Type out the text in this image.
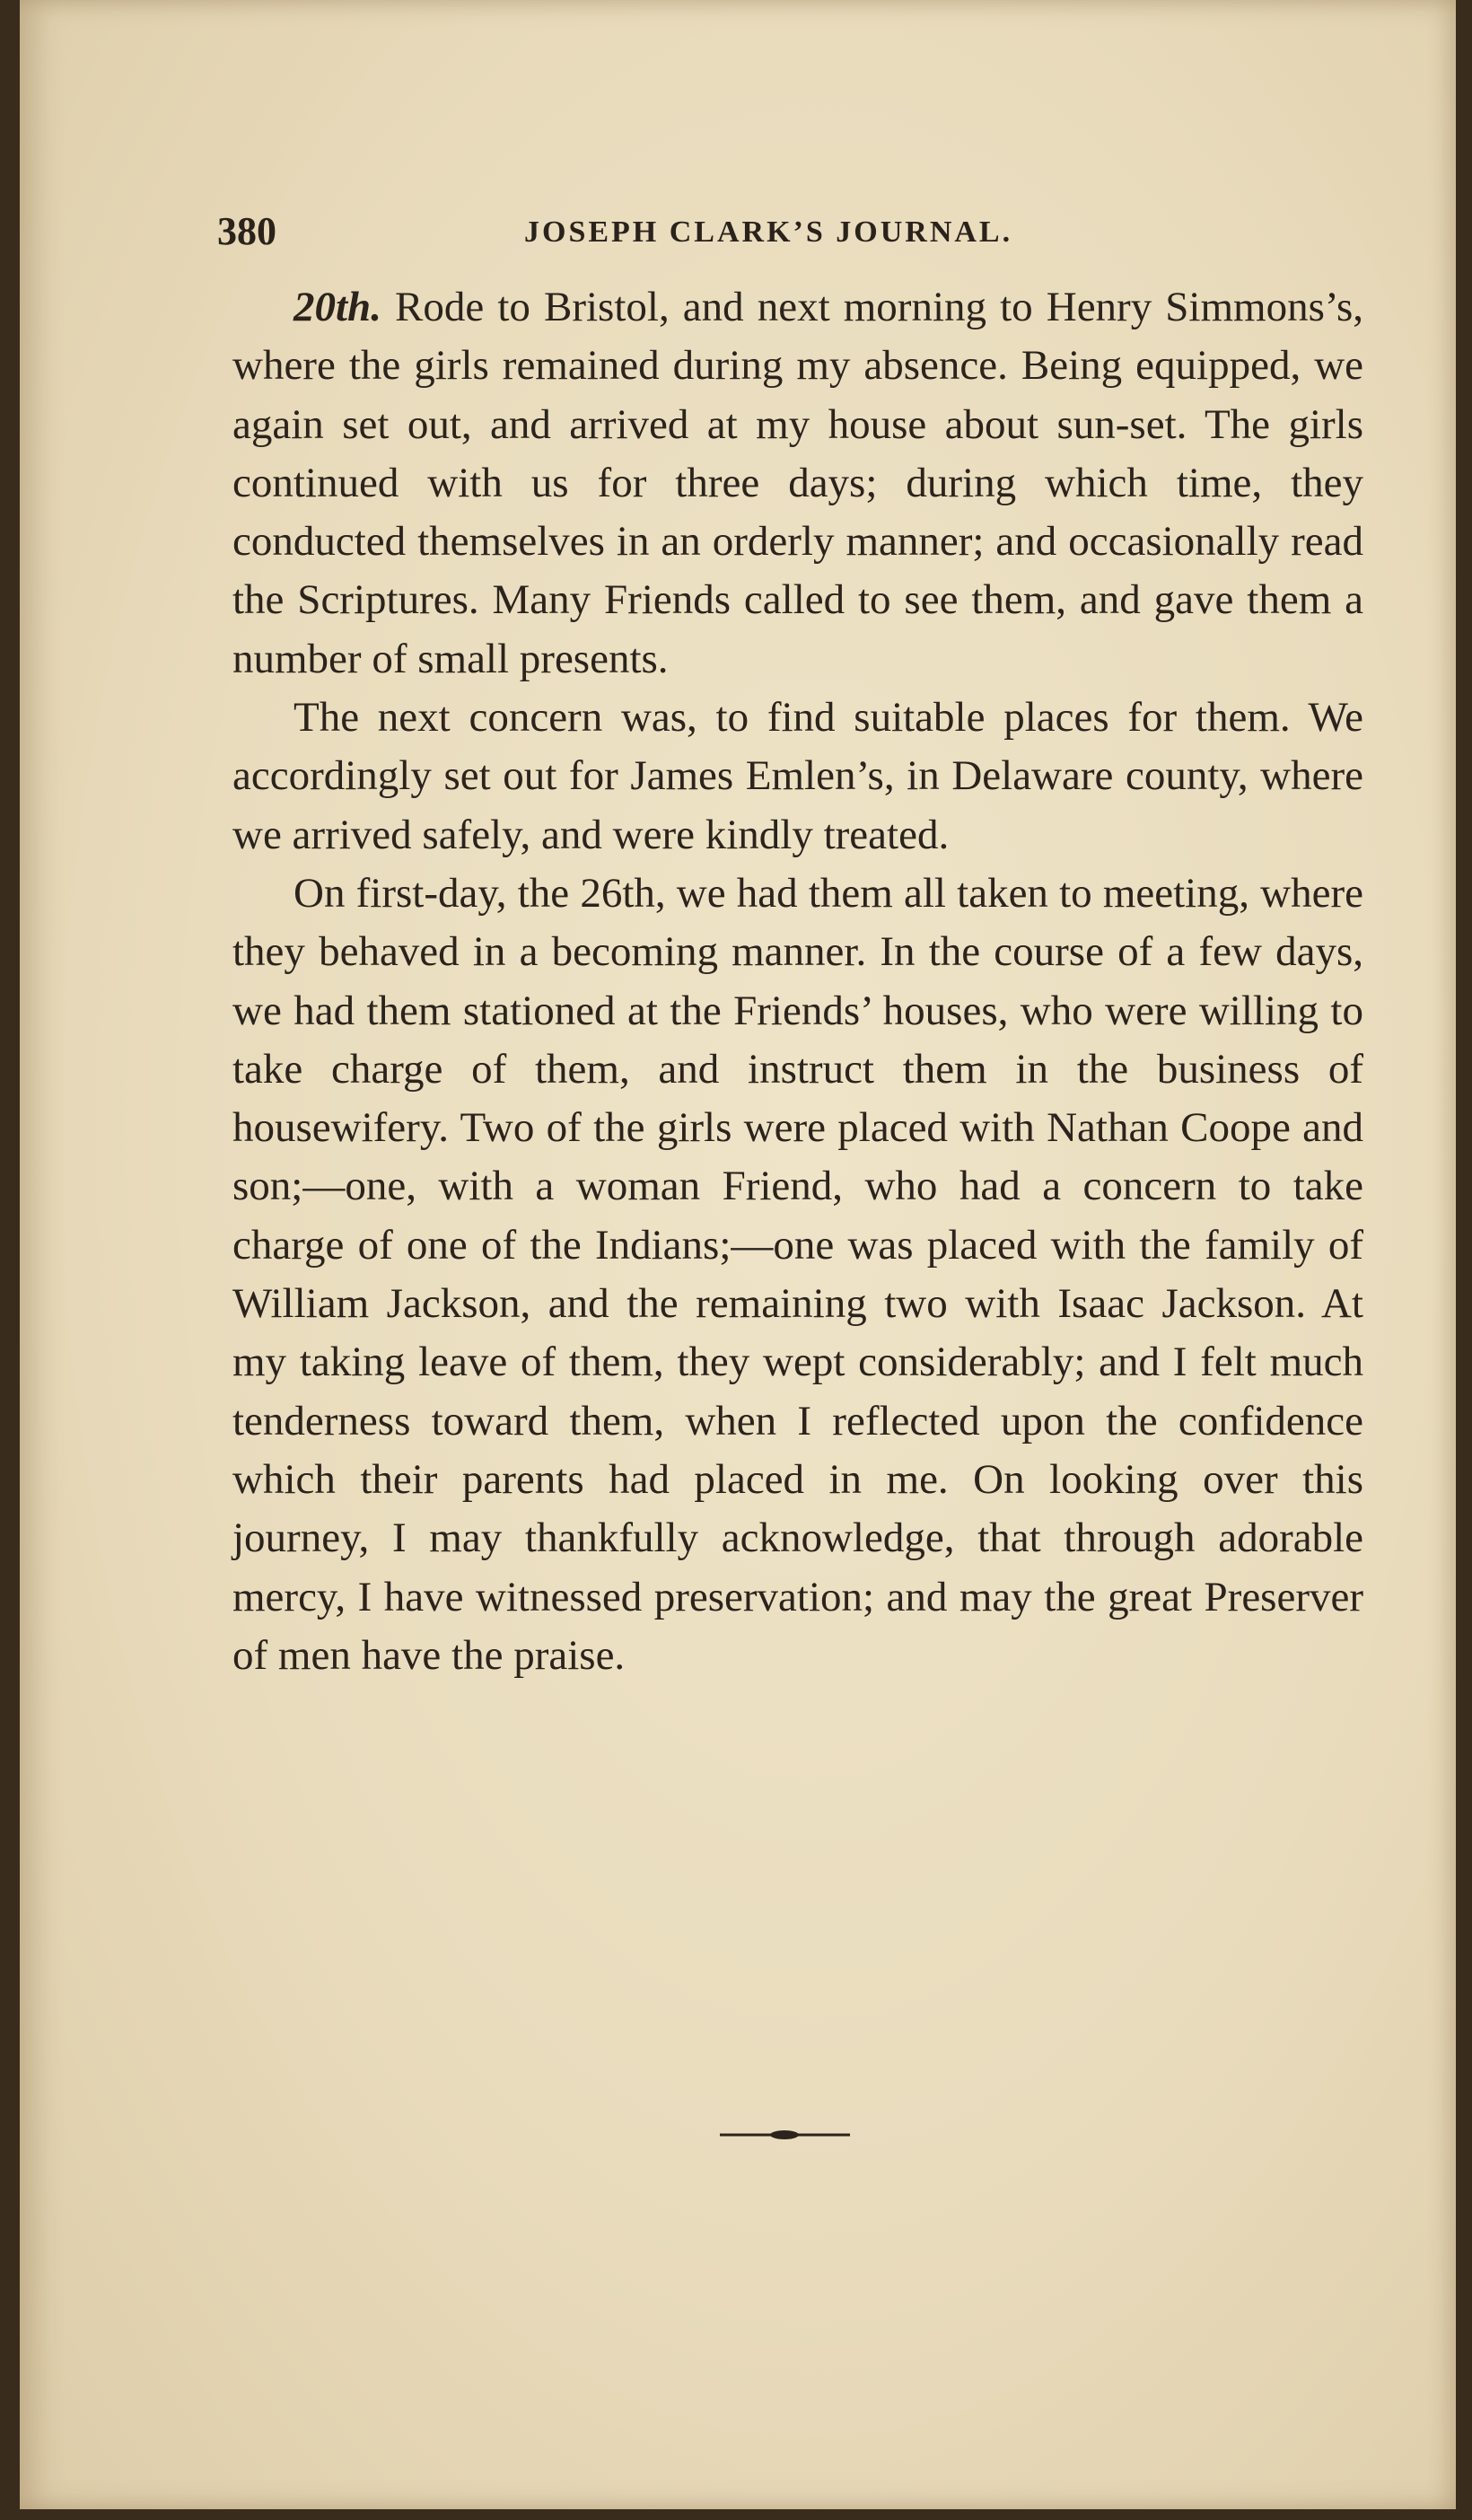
380	JOSEPH CLARK’S JOURNAL.

20th. Rode to Bristol, and next morning to Henry Simmons’s, where the girls remained during my absence. Being equipped, we again set out, and arrived at my house about sun-set. The girls continued with us for three days; during which time, they conducted themselves in an orderly manner; and occasionally read the Scriptures. Many Friends called to see them, and gave them a number of small presents.

The next concern was, to find suitable places for them. We accordingly set out for James Emlen’s, in Delaware county, where we arrived safely, and were kindly treated.

On first-day, the 26th, we had them all taken to meeting, where they behaved in a becoming manner. In the course of a few days, we had them stationed at the Friends’ houses, who were willing to take charge of them, and instruct them in the business of housewifery. Two of the girls were placed with Nathan Coope and son;—one, with a woman Friend, who had a concern to take charge of one of the Indians;—one was placed with the family of William Jackson, and the remaining two with Isaac Jackson. At my taking leave of them, they wept considerably; and I felt much tenderness toward them, when I reflected upon the confidence which their parents had placed in me. On looking over this journey, I may thankfully acknowledge, that through adorable mercy, I have witnessed preservation; and may the great Preserver of men have the praise.
